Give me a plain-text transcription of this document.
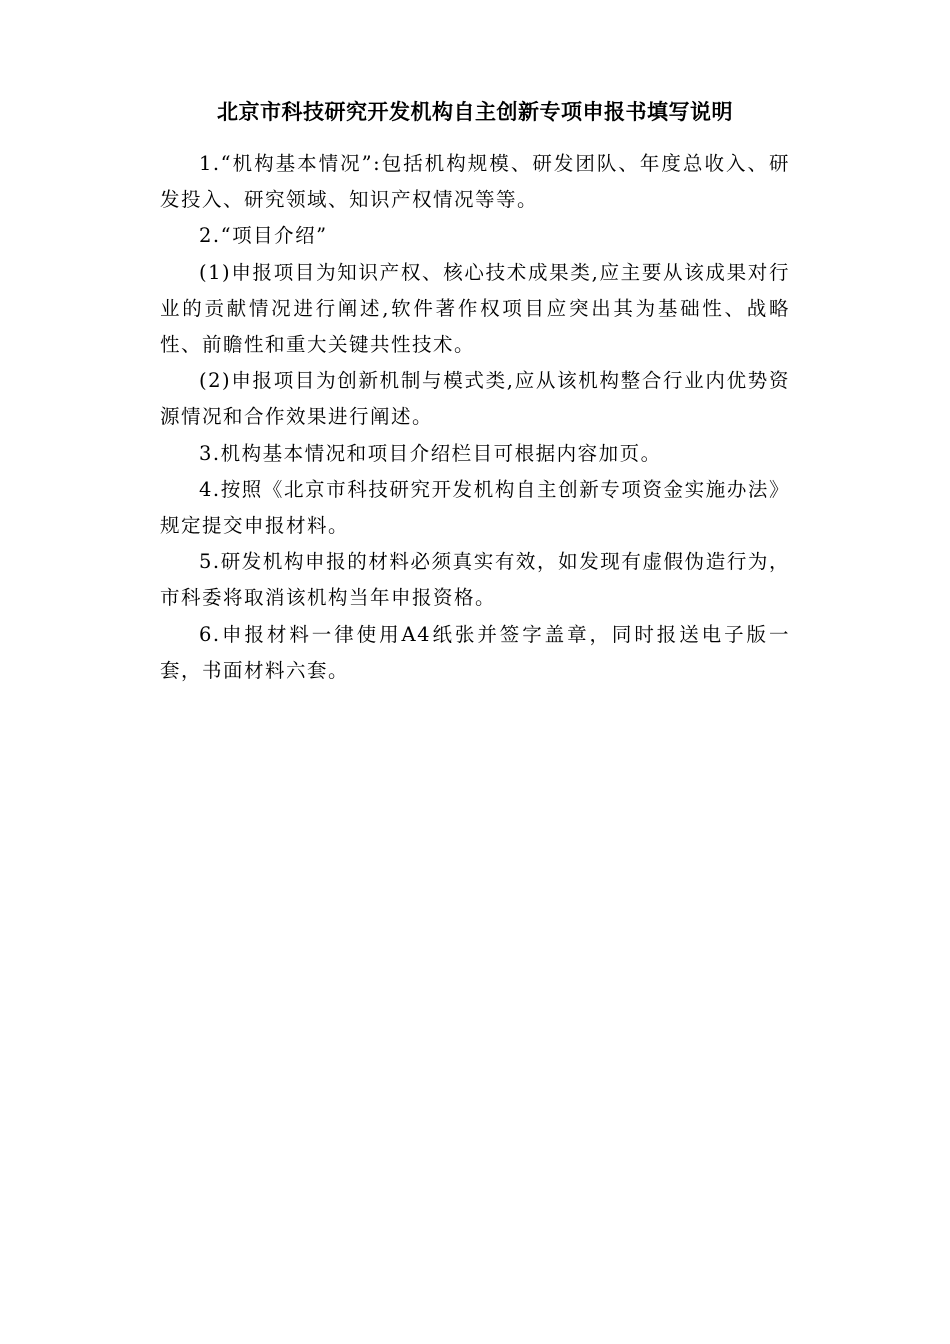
北京市科技研究开发机构自主创新专项申报书填写说明

1.“机构基本情况”:包括机构规模、研发团队、年度总收入、研发投入、研究领域、知识产权情况等等。

2.“项目介绍”

(1)申报项目为知识产权、核心技术成果类,应主要从该成果对行业的贡献情况进行阐述,软件著作权项目应突出其为基础性、战略性、前瞻性和重大关键共性技术。

(2)申报项目为创新机制与模式类,应从该机构整合行业内优势资源情况和合作效果进行阐述。

3.机构基本情况和项目介绍栏目可根据内容加页。

4.按照《北京市科技研究开发机构自主创新专项资金实施办法》规定提交申报材料。

5.研发机构申报的材料必须真实有效，如发现有虚假伪造行为，市科委将取消该机构当年申报资格。

6.申报材料一律使用A4纸张并签字盖章，同时报送电子版一套，书面材料六套。
